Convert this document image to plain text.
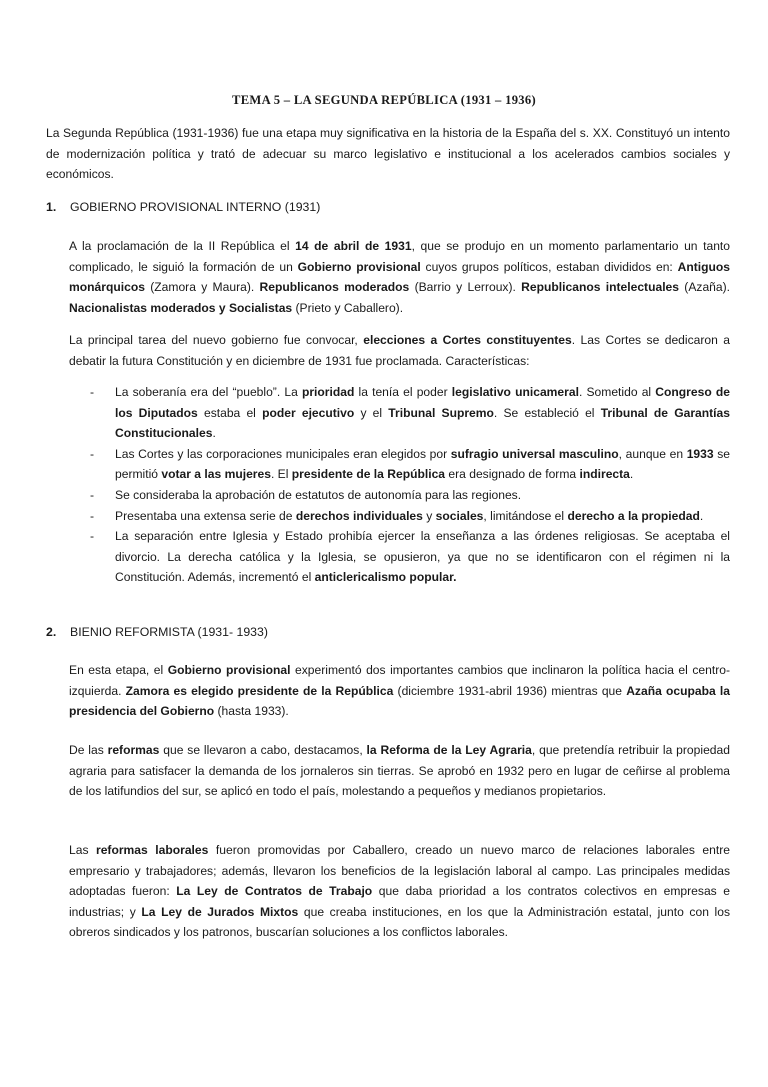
TEMA 5 – LA SEGUNDA REPÚBLICA (1931 – 1936)

La Segunda República (1931-1936) fue una etapa muy significativa en la historia de la España del s. XX. Constituyó un intento de modernización política y trató de adecuar su marco legislativo e institucional a los acelerados cambios sociales y económicos.

1. GOBIERNO PROVISIONAL INTERNO (1931)

A la proclamación de la II República el 14 de abril de 1931, que se produjo en un momento parlamentario un tanto complicado, le siguió la formación de un Gobierno provisional cuyos grupos políticos, estaban divididos en: Antiguos monárquicos (Zamora y Maura). Republicanos moderados (Barrio y Lerroux). Republicanos intelectuales (Azaña). Nacionalistas moderados y Socialistas (Prieto y Caballero).

La principal tarea del nuevo gobierno fue convocar, elecciones a Cortes constituyentes. Las Cortes se dedicaron a debatir la futura Constitución y en diciembre de 1931 fue proclamada. Características:

- La soberanía era del “pueblo”. La prioridad la tenía el poder legislativo unicameral. Sometido al Congreso de los Diputados estaba el poder ejecutivo y el Tribunal Supremo. Se estableció el Tribunal de Garantías Constitucionales.
- Las Cortes y las corporaciones municipales eran elegidos por sufragio universal masculino, aunque en 1933 se permitió votar a las mujeres. El presidente de la República era designado de forma indirecta.
- Se consideraba la aprobación de estatutos de autonomía para las regiones.
- Presentaba una extensa serie de derechos individuales y sociales, limitándose el derecho a la propiedad.
- La separación entre Iglesia y Estado prohibía ejercer la enseñanza a las órdenes religiosas. Se aceptaba el divorcio. La derecha católica y la Iglesia, se opusieron, ya que no se identificaron con el régimen ni la Constitución. Además, incrementó el anticlericalismo popular.
2. BIENIO REFORMISTA (1931- 1933)

En esta etapa, el Gobierno provisional experimentó dos importantes cambios que inclinaron la política hacia el centro-izquierda. Zamora es elegido presidente de la República (diciembre 1931-abril 1936) mientras que Azaña ocupaba la presidencia del Gobierno (hasta 1933).

De las reformas que se llevaron a cabo, destacamos, la Reforma de la Ley Agraria, que pretendía retribuir la propiedad agraria para satisfacer la demanda de los jornaleros sin tierras. Se aprobó en 1932 pero en lugar de ceñirse al problema de los latifundios del sur, se aplicó en todo el país, molestando a pequeños y medianos propietarios.

Las reformas laborales fueron promovidas por Caballero, creado un nuevo marco de relaciones laborales entre empresario y trabajadores; además, llevaron los beneficios de la legislación laboral al campo. Las principales medidas adoptadas fueron: La Ley de Contratos de Trabajo que daba prioridad a los contratos colectivos en empresas e industrias; y La Ley de Jurados Mixtos que creaba instituciones, en los que la Administración estatal, junto con los obreros sindicados y los patronos, buscarían soluciones a los conflictos laborales.
